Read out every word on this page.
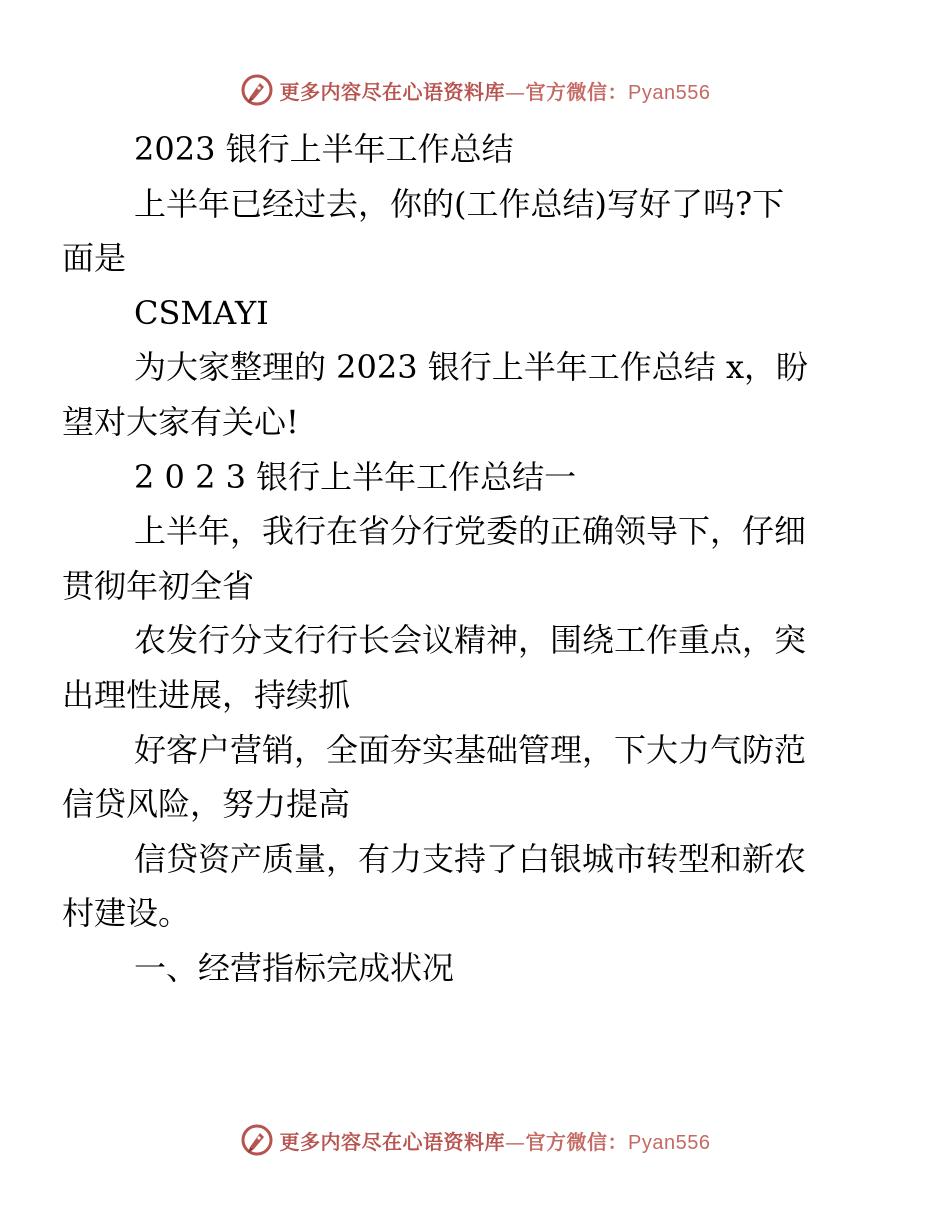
更多内容尽在心语资料库—官方微信：Pyan556

2023 银行上半年工作总结

上半年已经过去，你的(工作总结)写好了吗?下
面是

CSMAYI

为大家整理的 2023 银行上半年工作总结 x，盼
望对大家有关心!

2 0 2 3 银行上半年工作总结一

上半年，我行在省分行党委的正确领导下，仔细
贯彻年初全省

农发行分支行行长会议精神，围绕工作重点，突
出理性进展，持续抓

好客户营销，全面夯实基础管理，下大力气防范
信贷风险，努力提高

信贷资产质量，有力支持了白银城市转型和新农
村建设。

一、经营指标完成状况

更多内容尽在心语资料库—官方微信：Pyan556
